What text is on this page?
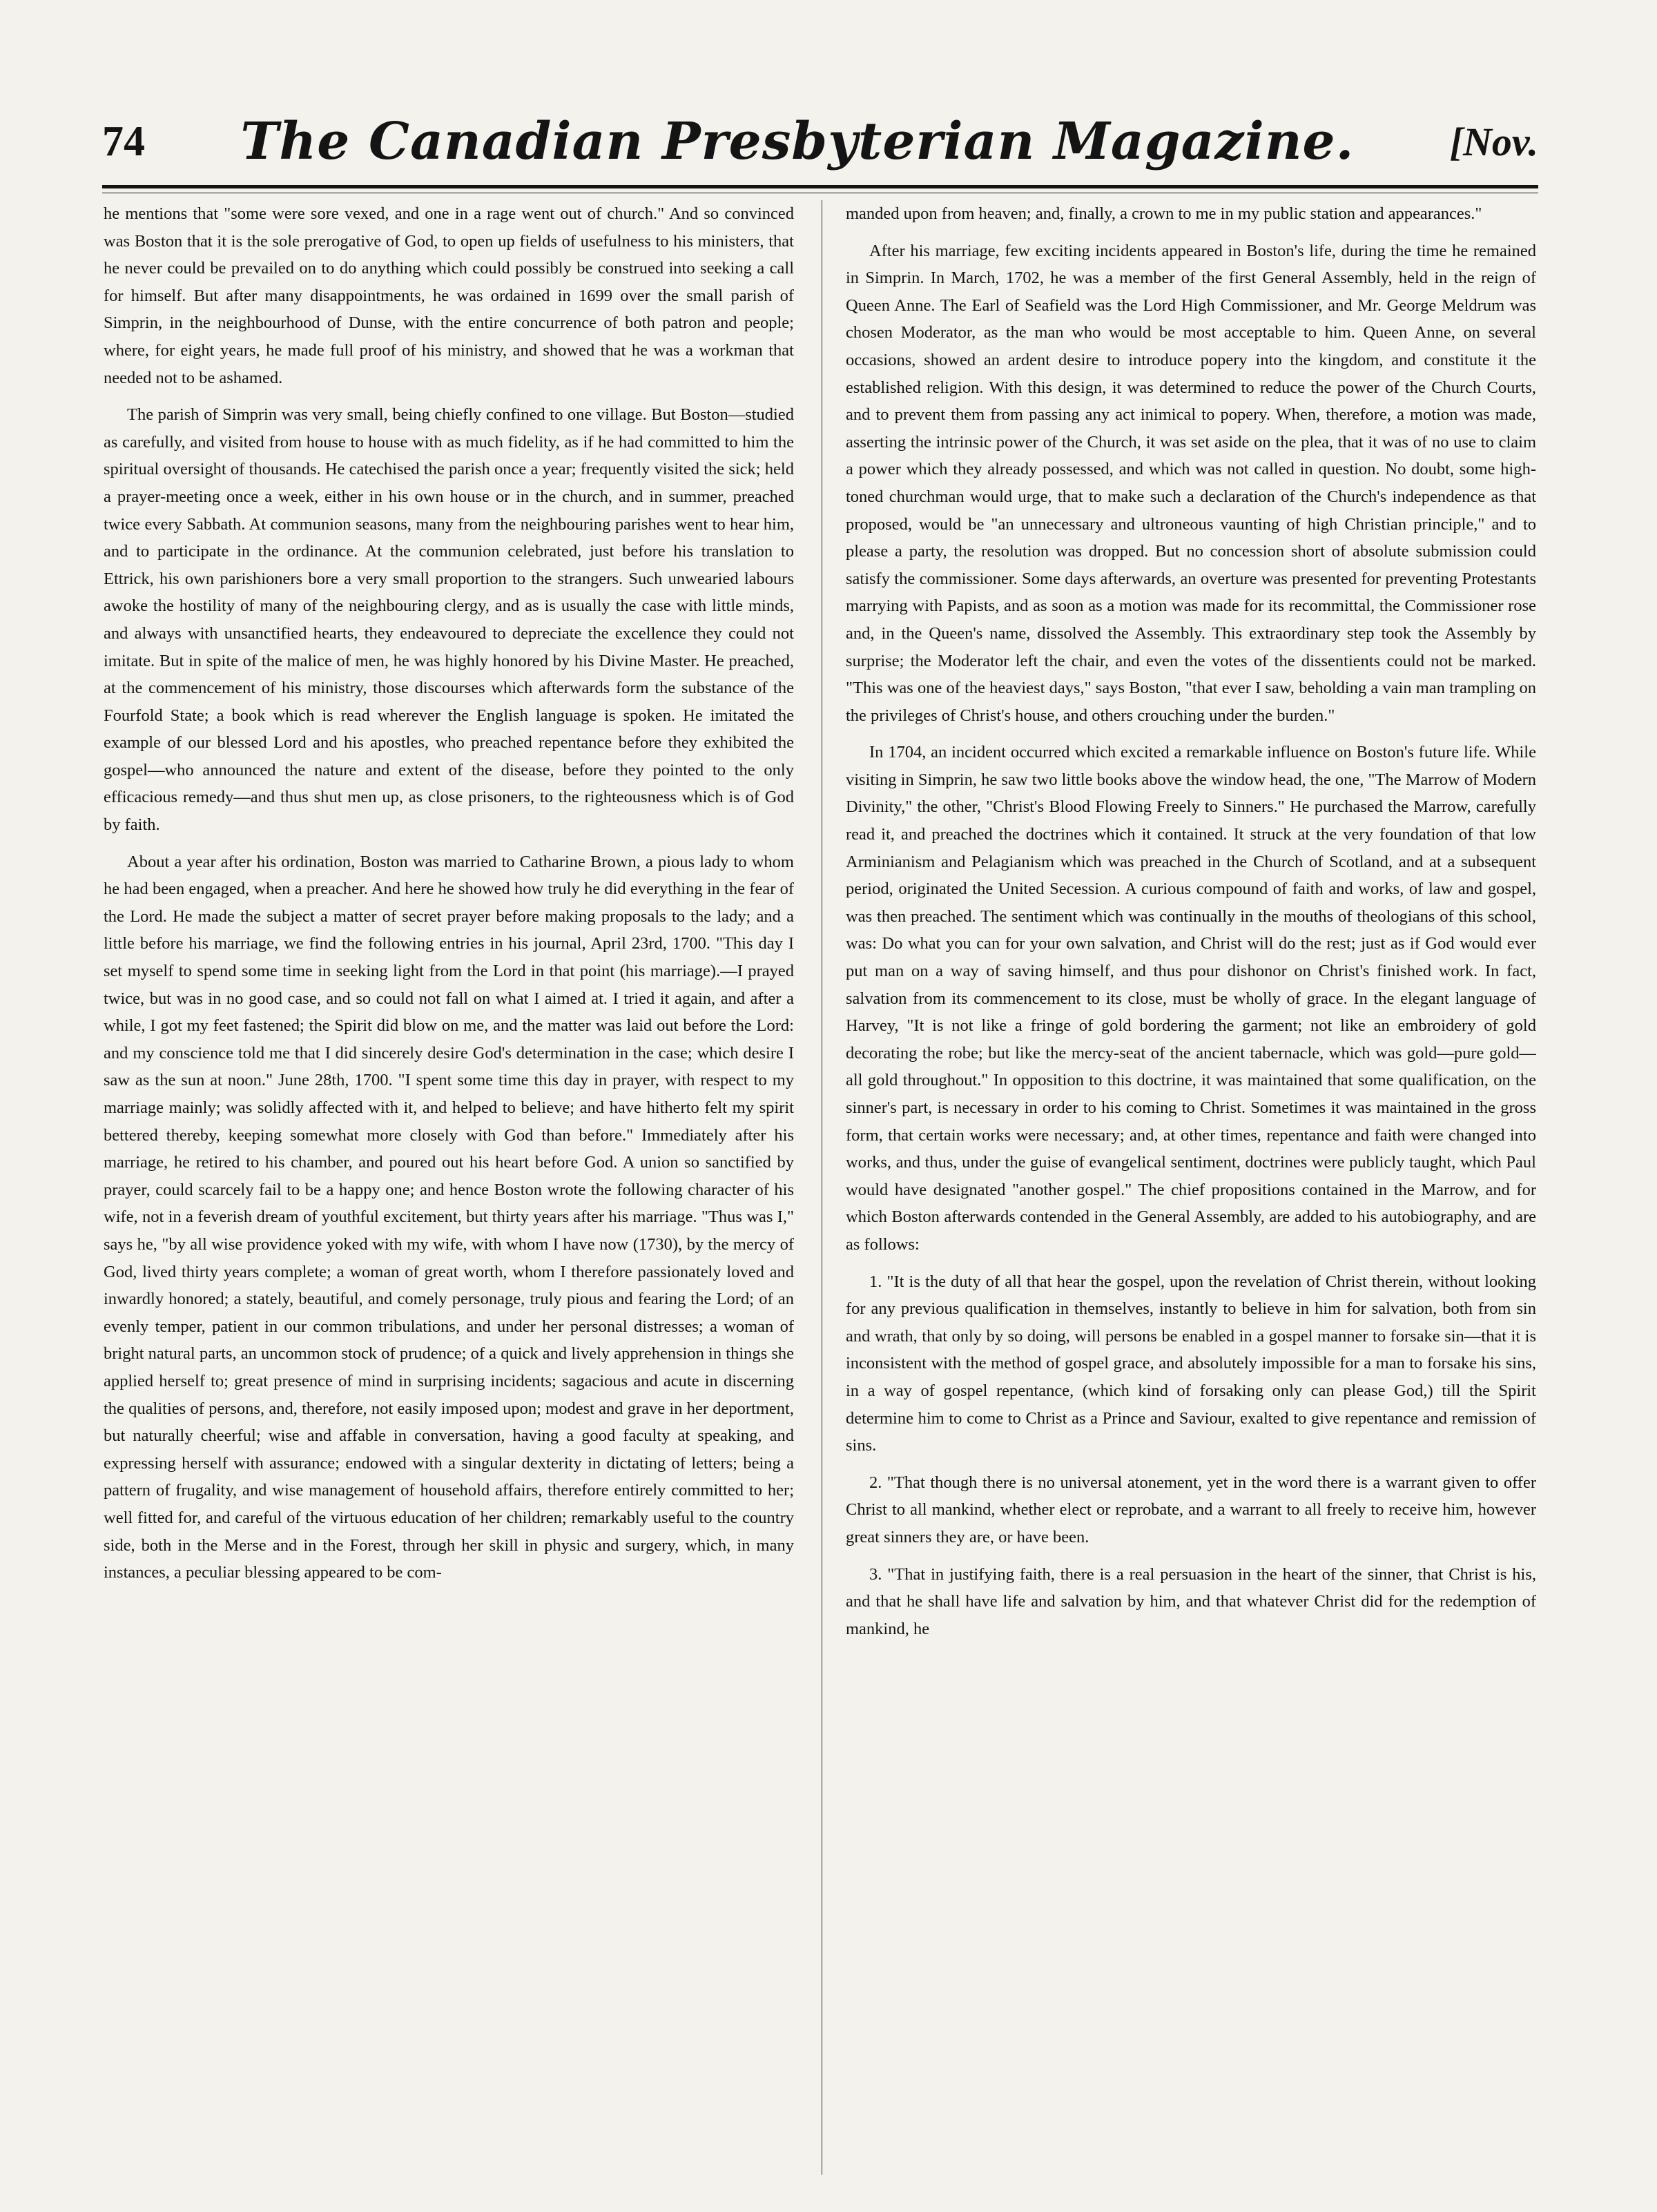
74 The Canadian Presbyterian Magazine. [Nov.

he mentions that "some were sore vexed, and one in a rage went out of church." And so convinced was Boston that it is the sole prerogative of God, to open up fields of usefulness to his ministers, that he never could be prevailed on to do anything which could possibly be construed into seeking a call for himself. But after many disappointments, he was ordained in 1699 over the small parish of Simprin, in the neighbourhood of Dunse, with the entire concurrence of both patron and people; where, for eight years, he made full proof of his ministry, and showed that he was a workman that needed not to be ashamed.

The parish of Simprin was very small, being chiefly confined to one village. But Boston—studied as carefully, and visited from house to house with as much fidelity, as if he had committed to him the spiritual oversight of thousands. He catechised the parish once a year; frequently visited the sick; held a prayer-meeting once a week, either in his own house or in the church, and in summer, preached twice every Sabbath. At communion seasons, many from the neighbouring parishes went to hear him, and to participate in the ordinance. At the communion celebrated, just before his translation to Ettrick, his own parishioners bore a very small proportion to the strangers. Such unwearied labours awoke the hostility of many of the neighbouring clergy, and as is usually the case with little minds, and always with unsanctified hearts, they endeavoured to depreciate the excellence they could not imitate. But in spite of the malice of men, he was highly honored by his Divine Master. He preached, at the commencement of his ministry, those discourses which afterwards form the substance of the Fourfold State; a book which is read wherever the English language is spoken. He imitated the example of our blessed Lord and his apostles, who preached repentance before they exhibited the gospel—who announced the nature and extent of the disease, before they pointed to the only efficacious remedy—and thus shut men up, as close prisoners, to the righteousness which is of God by faith.

About a year after his ordination, Boston was married to Catharine Brown, a pious lady to whom he had been engaged, when a preacher. And here he showed how truly he did everything in the fear of the Lord. He made the subject a matter of secret prayer before making proposals to the lady; and a little before his marriage, we find the following entries in his journal, April 23rd, 1700. "This day I set myself to spend some time in seeking light from the Lord in that point (his marriage).—I prayed twice, but was in no good case, and so could not fall on what I aimed at. I tried it again, and after a while, I got my feet fastened; the Spirit did blow on me, and the matter was laid out before the Lord: and my conscience told me that I did sincerely desire God's determination in the case; which desire I saw as the sun at noon." June 28th, 1700. "I spent some time this day in prayer, with respect to my marriage mainly; was solidly affected with it, and helped to believe; and have hitherto felt my spirit bettered thereby, keeping somewhat more closely with God than before." Immediately after his marriage, he retired to his chamber, and poured out his heart before God. A union so sanctified by prayer, could scarcely fail to be a happy one; and hence Boston wrote the following character of his wife, not in a feverish dream of youthful excitement, but thirty years after his marriage. "Thus was I," says he, "by all wise providence yoked with my wife, with whom I have now (1730), by the mercy of God, lived thirty years complete; a woman of great worth, whom I therefore passionately loved and inwardly honored; a stately, beautiful, and comely personage, truly pious and fearing the Lord; of an evenly temper, patient in our common tribulations, and under her personal distresses; a woman of bright natural parts, an uncommon stock of prudence; of a quick and lively apprehension in things she applied herself to; great presence of mind in surprising incidents; sagacious and acute in discerning the qualities of persons, and, therefore, not easily imposed upon; modest and grave in her deportment, but naturally cheerful; wise and affable in conversation, having a good faculty at speaking, and expressing herself with assurance; endowed with a singular dexterity in dictating of letters; being a pattern of frugality, and wise management of household affairs, therefore entirely committed to her; well fitted for, and careful of the virtuous education of her children; remarkably useful to the country side, both in the Merse and in the Forest, through her skill in physic and surgery, which, in many instances, a peculiar blessing appeared to be com-

manded upon from heaven; and, finally, a crown to me in my public station and appearances."

After his marriage, few exciting incidents appeared in Boston's life, during the time he remained in Simprin. In March, 1702, he was a member of the first General Assembly, held in the reign of Queen Anne. The Earl of Seafield was the Lord High Commissioner, and Mr. George Meldrum was chosen Moderator, as the man who would be most acceptable to him. Queen Anne, on several occasions, showed an ardent desire to introduce popery into the kingdom, and constitute it the established religion. With this design, it was determined to reduce the power of the Church Courts, and to prevent them from passing any act inimical to popery. When, therefore, a motion was made, asserting the intrinsic power of the Church, it was set aside on the plea, that it was of no use to claim a power which they already possessed, and which was not called in question. No doubt, some high-toned churchman would urge, that to make such a declaration of the Church's independence as that proposed, would be "an unnecessary and ultroneous vaunting of high Christian principle," and to please a party, the resolution was dropped. But no concession short of absolute submission could satisfy the commissioner. Some days afterwards, an overture was presented for preventing Protestants marrying with Papists, and as soon as a motion was made for its recommittal, the Commissioner rose and, in the Queen's name, dissolved the Assembly. This extraordinary step took the Assembly by surprise; the Moderator left the chair, and even the votes of the dissentients could not be marked. "This was one of the heaviest days," says Boston, "that ever I saw, beholding a vain man trampling on the privileges of Christ's house, and others crouching under the burden."

In 1704, an incident occurred which excited a remarkable influence on Boston's future life. While visiting in Simprin, he saw two little books above the window head, the one, "The Marrow of Modern Divinity," the other, "Christ's Blood Flowing Freely to Sinners." He purchased the Marrow, carefully read it, and preached the doctrines which it contained. It struck at the very foundation of that low Arminianism and Pelagianism which was preached in the Church of Scotland, and at a subsequent period, originated the United Secession. A curious compound of faith and works, of law and gospel, was then preached. The sentiment which was continually in the mouths of theologians of this school, was: Do what you can for your own salvation, and Christ will do the rest; just as if God would ever put man on a way of saving himself, and thus pour dishonor on Christ's finished work. In fact, salvation from its commencement to its close, must be wholly of grace. In the elegant language of Harvey, "It is not like a fringe of gold bordering the garment; not like an embroidery of gold decorating the robe; but like the mercy-seat of the ancient tabernacle, which was gold—pure gold—all gold throughout." In opposition to this doctrine, it was maintained that some qualification, on the sinner's part, is necessary in order to his coming to Christ. Sometimes it was maintained in the gross form, that certain works were necessary; and, at other times, repentance and faith were changed into works, and thus, under the guise of evangelical sentiment, doctrines were publicly taught, which Paul would have designated "another gospel." The chief propositions contained in the Marrow, and for which Boston afterwards contended in the General Assembly, are added to his autobiography, and are as follows:

1. "It is the duty of all that hear the gospel, upon the revelation of Christ therein, without looking for any previous qualification in themselves, instantly to believe in him for salvation, both from sin and wrath, that only by so doing, will persons be enabled in a gospel manner to forsake sin—that it is inconsistent with the method of gospel grace, and absolutely impossible for a man to forsake his sins, in a way of gospel repentance, (which kind of forsaking only can please God,) till the Spirit determine him to come to Christ as a Prince and Saviour, exalted to give repentance and remission of sins.

2. "That though there is no universal atonement, yet in the word there is a warrant given to offer Christ to all mankind, whether elect or reprobate, and a warrant to all freely to receive him, however great sinners they are, or have been.

3. "That in justifying faith, there is a real persuasion in the heart of the sinner, that Christ is his, and that he shall have life and salvation by him, and that whatever Christ did for the redemption of mankind, he
